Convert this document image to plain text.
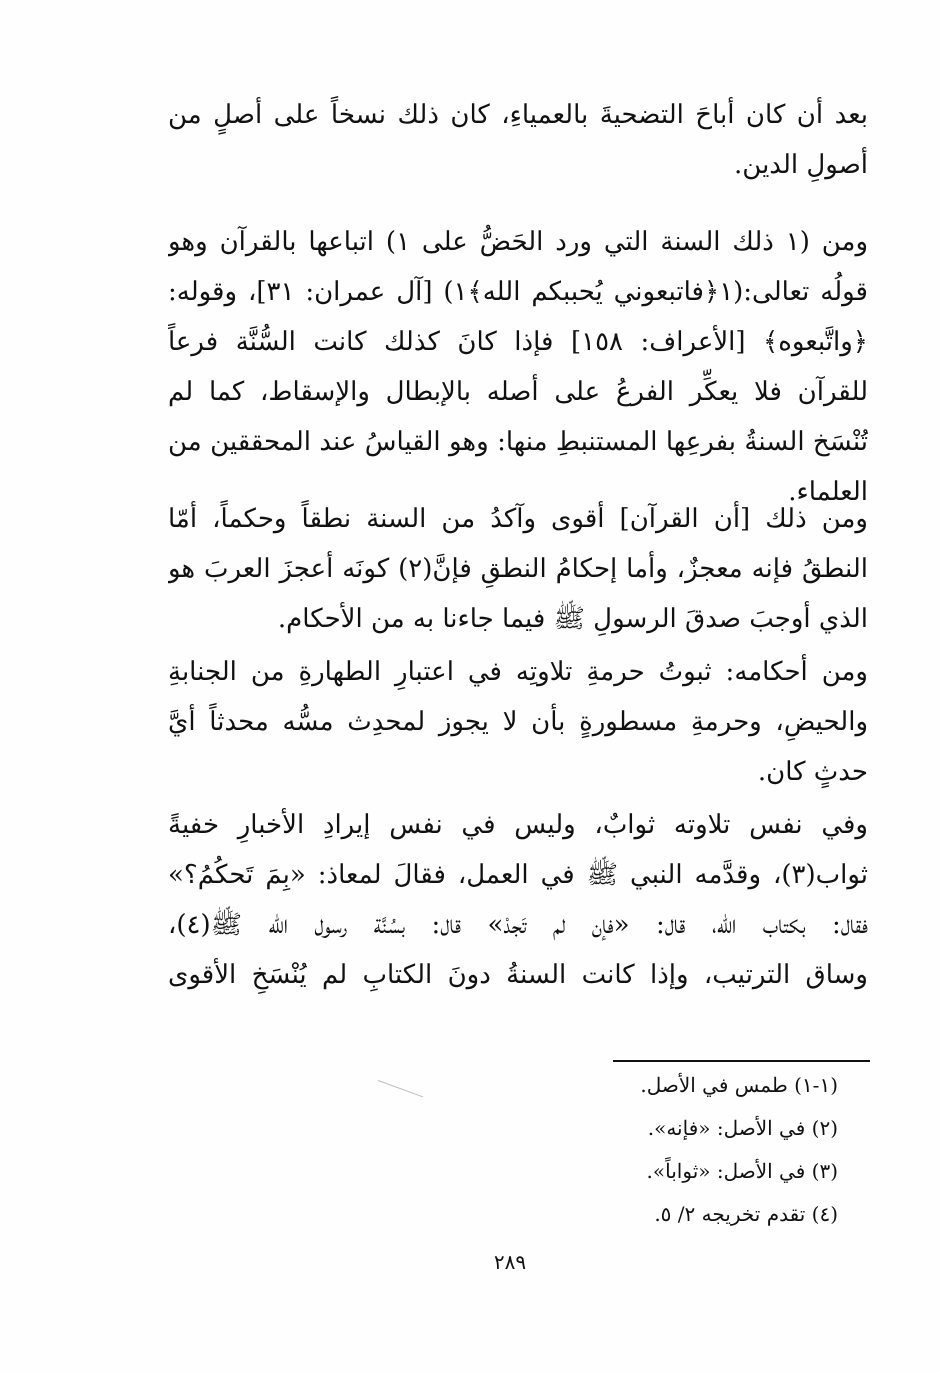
بعد أن كان أباحَ التضحيةَ بالعمياءِ، كان ذلك نسخاً على أصلٍ من
أصولِ الدين.
ومن (١ ذلك السنة التي ورد الحَضُّ على ١) اتباعها بالقرآن وهو
قولُه تعالى:(١﴿فاتبعوني يُحببكم الله﴾١) [آل عمران: ٣١]، وقوله:
﴿واتَّبعوه﴾ [الأعراف: ١٥٨] فإذا كانَ كذلك كانت السُّنَّة فرعاً
للقرآن فلا يعكِّر الفرعُ على أصله بالإبطال والإسقاط، كما لم
تُنْسَخ السنةُ بفرعِها المستنبطِ منها: وهو القياسُ عند المحققين من
العلماء.
ومن ذلك [أن القرآن] أقوى وآكدُ من السنة نطقاً وحكماً، أمّا
النطقُ فإنه معجزٌ، وأما إحكامُ النطقِ فإنَّ(٢) كونَه أعجزَ العربَ هو
الذي أوجبَ صدقَ الرسولِ ﷺ فيما جاءنا به من الأحكام.
ومن أحكامه: ثبوتُ حرمةِ تلاوتِه في اعتبارِ الطهارةِ من الجنابةِ
والحيضِ، وحرمةِ مسطورةٍ بأن لا يجوز لمحدِث مسُّه محدثاً أيَّ
حدثٍ كان.
وفي نفس تلاوته ثوابٌ، وليس في نفس إيرادِ الأخبارِ خفيةً
ثواب(٣)، وقدَّمه النبي ﷺ في العمل، فقالَ لمعاذ: «بِمَ تَحكُمُ؟»
فقال: بكتاب الله، قال: «فإن لم تَجدْ» قال: بسُنَّة رسول الله ﷺ(٤)،
وساق الترتيب، وإذا كانت السنةُ دونَ الكتابِ لم يُنْسَخِ الأقوى
(١-١) طمس في الأصل.
(٢) في الأصل: «فإنه».
(٣) في الأصل: «ثواباً».
(٤) تقدم تخريجه ٢/ ٥.
٢٨٩
